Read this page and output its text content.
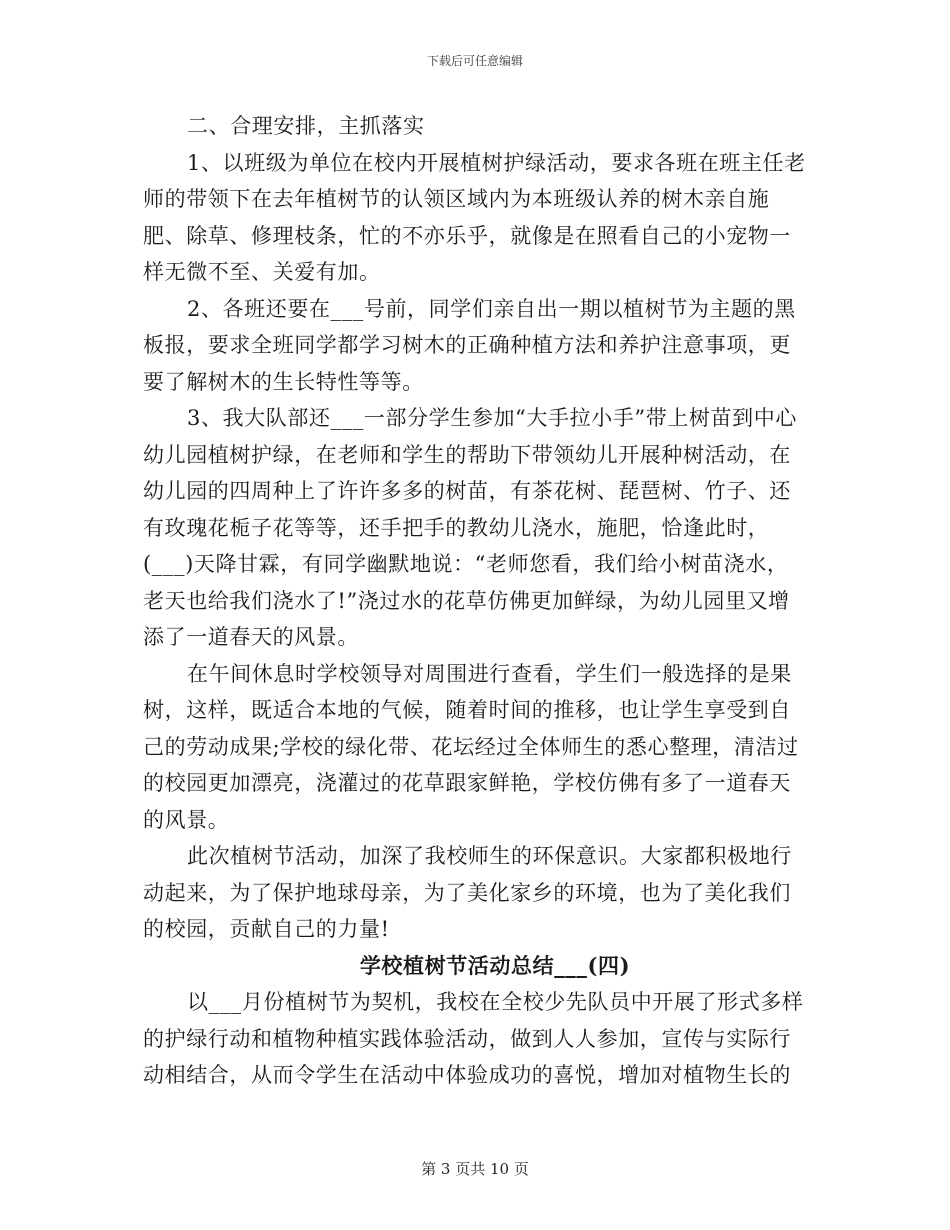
下载后可任意编辑

二、合理安排，主抓落实

1、以班级为单位在校内开展植树护绿活动，要求各班在班主任老师的带领下在去年植树节的认领区域内为本班级认养的树木亲自施肥、除草、修理枝条，忙的不亦乐乎，就像是在照看自己的小宠物一样无微不至、关爱有加。

2、各班还要在___号前，同学们亲自出一期以植树节为主题的黑板报，要求全班同学都学习树木的正确种植方法和养护注意事项，更要了解树木的生长特性等等。

3、我大队部还___一部分学生参加“大手拉小手”带上树苗到中心幼儿园植树护绿，在老师和学生的帮助下带领幼儿开展种树活动，在幼儿园的四周种上了许许多多的树苗，有茶花树、琵琶树、竹子、还有玫瑰花栀子花等等，还手把手的教幼儿浇水，施肥，恰逢此时，(___)天降甘霖，有同学幽默地说：“老师您看，我们给小树苗浇水，老天也给我们浇水了!”浇过水的花草仿佛更加鲜绿，为幼儿园里又增添了一道春天的风景。

在午间休息时学校领导对周围进行查看，学生们一般选择的是果树，这样，既适合本地的气候，随着时间的推移，也让学生享受到自己的劳动成果;学校的绿化带、花坛经过全体师生的悉心整理，清洁过的校园更加漂亮，浇灌过的花草跟家鲜艳，学校仿佛有多了一道春天的风景。

此次植树节活动，加深了我校师生的环保意识。大家都积极地行动起来，为了保护地球母亲，为了美化家乡的环境，也为了美化我们的校园，贡献自己的力量!

学校植树节活动总结___(四)

以___月份植树节为契机，我校在全校少先队员中开展了形式多样的护绿行动和植物种植实践体验活动，做到人人参加，宣传与实际行动相结合，从而令学生在活动中体验成功的喜悦，增加对植物生长的

第 3 页共 10 页
